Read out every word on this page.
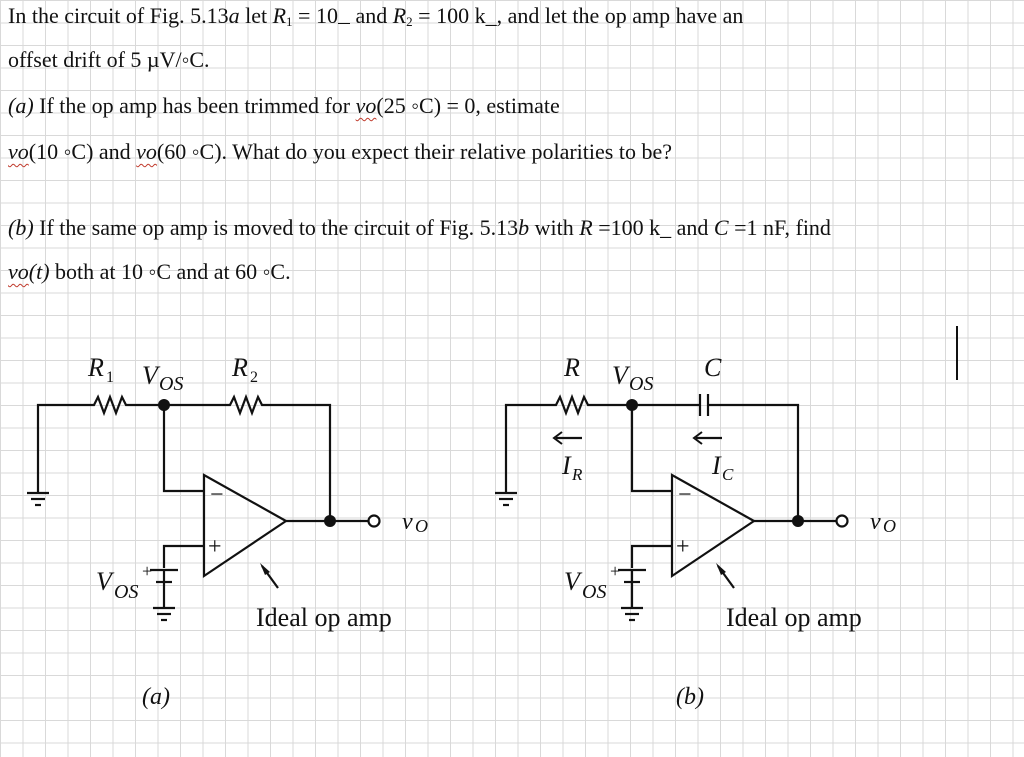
In the circuit of Fig. 5.13a let $R_1 = 10$ and $R_2 = 100$ k_, and let the op amp have an
offset drift of 5 µV/◦C.
(a) If the op amp has been trimmed for vo(25 ◦C) = 0, estimate
vo(10 ◦C) and vo(60 ◦C). What do you expect their relative polarities to be?
(b) If the same op amp is moved to the circuit of Fig. 5.13b with R =100 k_ and C =1 nF, find
vo(t) both at 10 ◦C and at 60 ◦C.
R 1 V OS
R 2
−
+
+
V OS
v O
Ideal op amp
(a)
R V OS
C
I R	I C
−
+
+
V OS
v O
Ideal op amp
(b)
